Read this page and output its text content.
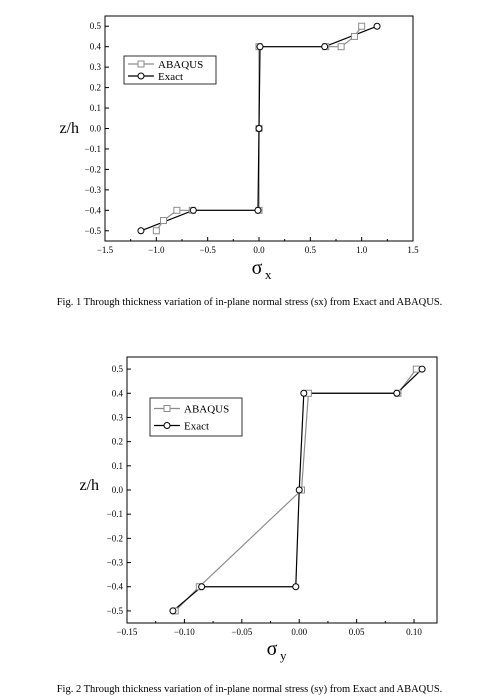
−1.5	−1.0	−0.5	0.0	0.5	1.0	1.5
−0.5
−0.4
−0.3
−0.2
−0.1
0.0
0.1
0.2
0.3
0.4
0.5
σ x
z/h
ABAQUS
Exact
Fig. 1 Through thickness variation of in-plane normal stress (sx) from Exact and ABAQUS.
−0.15	−0.10	−0.05	0.00	0.05	0.10
−0.5
−0.4
−0.3
−0.2
−0.1
0.0
0.1
0.2
0.3
0.4
0.5
σ y
z/h
ABAQUS
Exact
Fig. 2 Through thickness variation of in-plane normal stress (sy) from Exact and ABAQUS.
